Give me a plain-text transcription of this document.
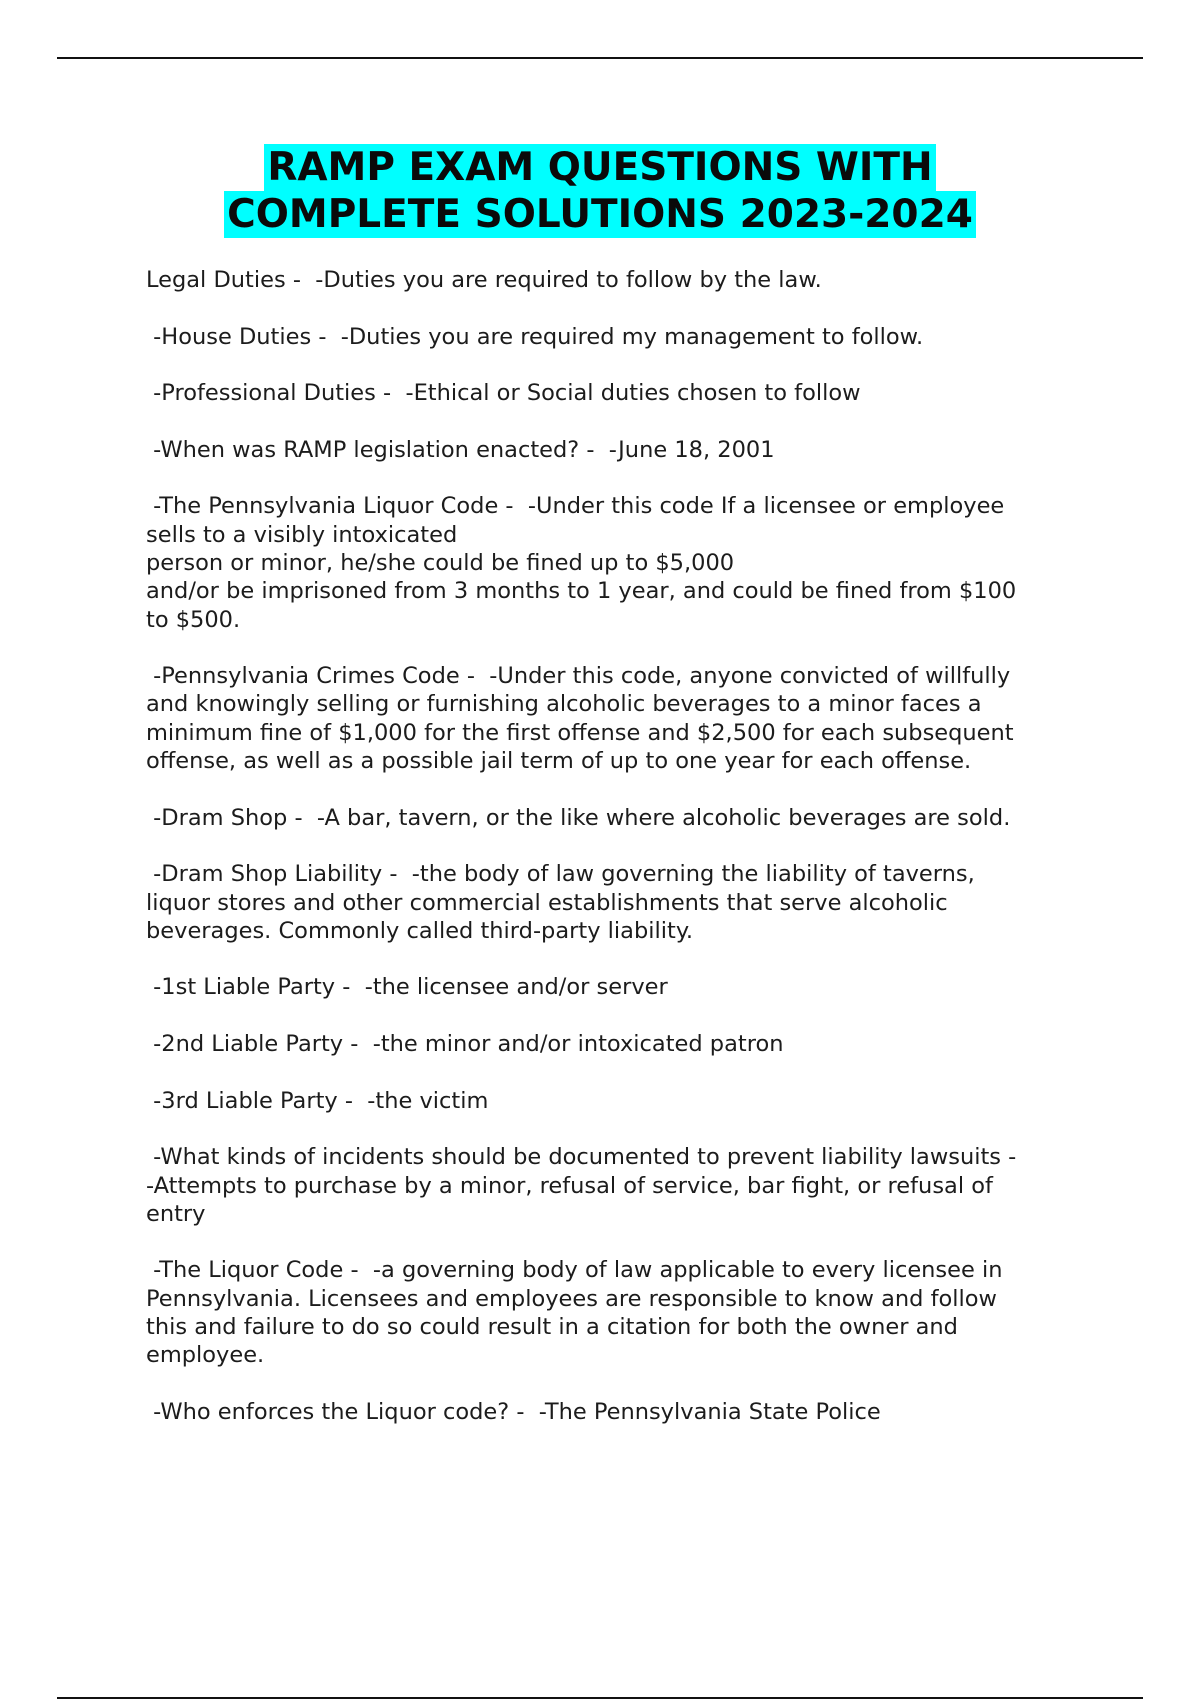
RAMP EXAM QUESTIONS WITH
COMPLETE SOLUTIONS 2023-2024
Legal Duties -  -Duties you are required to follow by the law.
-House Duties -  -Duties you are required my management to follow.
-Professional Duties -  -Ethical or Social duties chosen to follow
-When was RAMP legislation enacted? -  -June 18, 2001
-The Pennsylvania Liquor Code -  -Under this code If a licensee or employee
sells to a visibly intoxicated
person or minor, he/she could be fined up to $5,000
and/or be imprisoned from 3 months to 1 year, and could be fined from $100
to $500.
-Pennsylvania Crimes Code -  -Under this code, anyone convicted of willfully
and knowingly selling or furnishing alcoholic beverages to a minor faces a
minimum fine of $1,000 for the first offense and $2,500 for each subsequent
offense, as well as a possible jail term of up to one year for each offense.
-Dram Shop -  -A bar, tavern, or the like where alcoholic beverages are sold.
-Dram Shop Liability -  -the body of law governing the liability of taverns,
liquor stores and other commercial establishments that serve alcoholic
beverages. Commonly called third-party liability.
-1st Liable Party -  -the licensee and/or server
-2nd Liable Party -  -the minor and/or intoxicated patron
-3rd Liable Party -  -the victim
-What kinds of incidents should be documented to prevent liability lawsuits -
-Attempts to purchase by a minor, refusal of service, bar fight, or refusal of
entry
-The Liquor Code -  -a governing body of law applicable to every licensee in
Pennsylvania. Licensees and employees are responsible to know and follow
this and failure to do so could result in a citation for both the owner and
employee.
-Who enforces the Liquor code? -  -The Pennsylvania State Police
